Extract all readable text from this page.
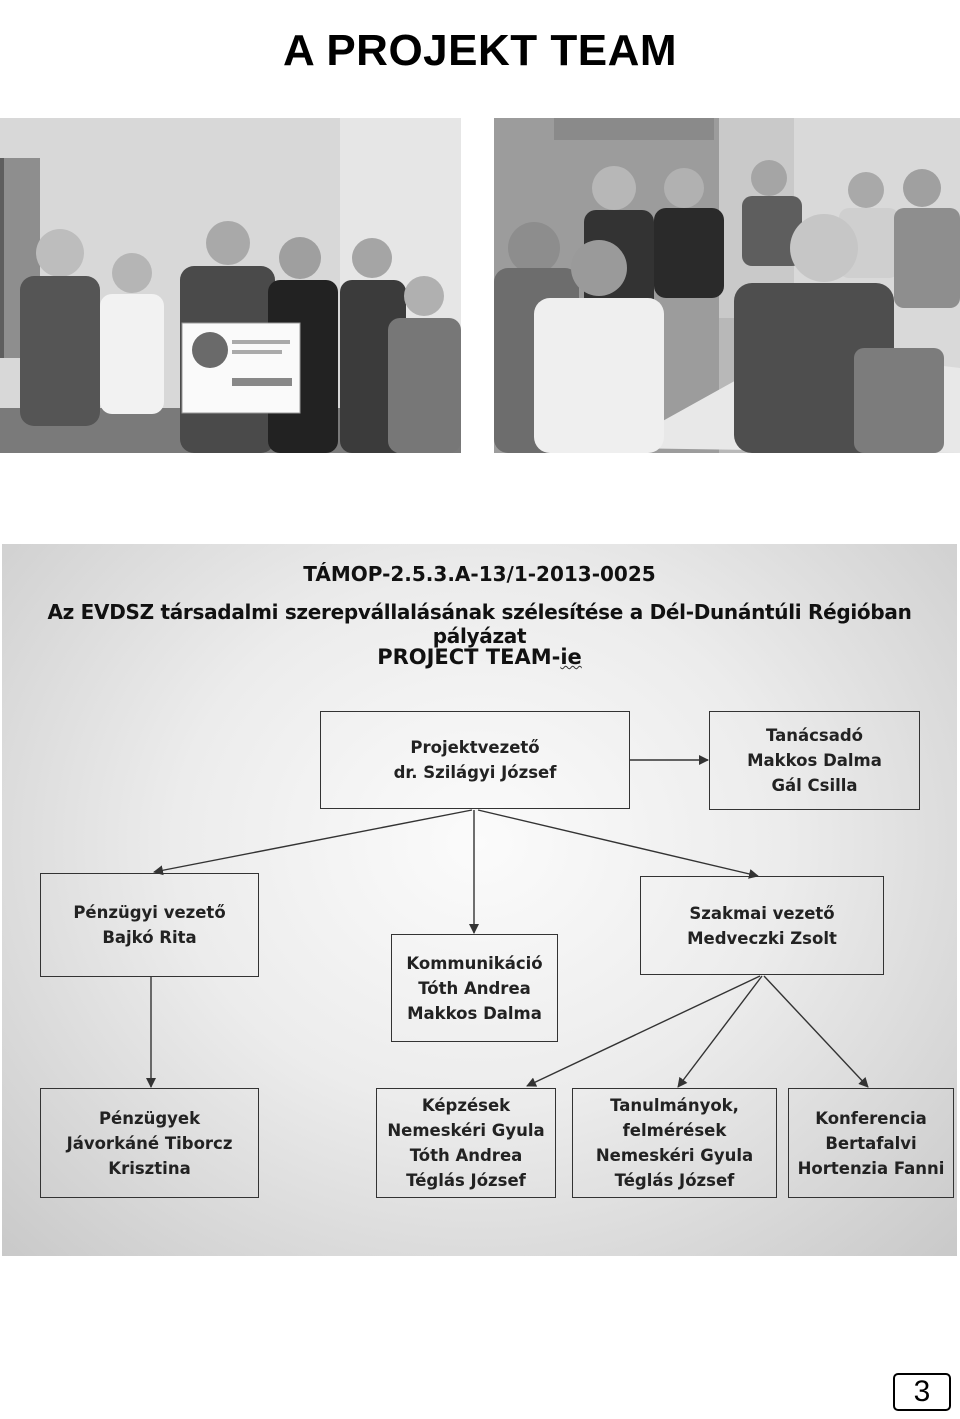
A PROJEKT TEAM
TÁMOP-2.5.3.A-13/1-2013-0025
Az EVDSZ társadalmi szerepvállalásának szélesítése a Dél-Dunántúli Régióban pályázat
PROJECT TEAM-ie
Projektvezető
dr. Szilágyi József
Tanácsadó
Makkos Dalma
Gál Csilla
Pénzügyi vezető
Bajkó Rita
Kommunikáció
Tóth Andrea
Makkos Dalma
Szakmai vezető
Medveczki Zsolt
Pénzügyek
Jávorkáné Tiborcz
Krisztina
Képzések
Nemeskéri Gyula
Tóth Andrea
Téglás József
Tanulmányok,
felmérések
Nemeskéri Gyula
Téglás József
Konferencia
Bertafalvi
Hortenzia Fanni
3
